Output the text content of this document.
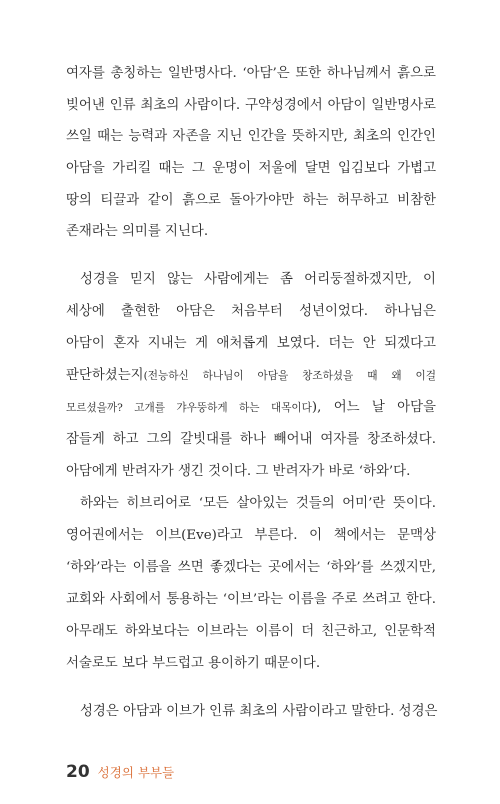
여자를 총칭하는 일반명사다. ‘아담’은 또한 하나님께서 흙으로
빚어낸 인류 최초의 사람이다. 구약성경에서 아담이 일반명사로
쓰일 때는 능력과 자존을 지닌 인간을 뜻하지만, 최초의 인간인
아담을 가리킬 때는 그 운명이 저울에 달면 입김보다 가볍고
땅의 티끌과 같이 흙으로 돌아가야만 하는 허무하고 비참한
존재라는 의미를 지닌다.
성경을 믿지 않는 사람에게는 좀 어리둥절하겠지만, 이
세상에 출현한 아담은 처음부터 성년이었다. 하나님은
아담이 혼자 지내는 게 애처롭게 보였다. 더는 안 되겠다고
판단하셨는지(전능하신 하나님이 아담을 창조하셨을 때 왜 이걸
모르셨을까? 고개를 갸우뚱하게 하는 대목이다), 어느 날 아담을
잠들게 하고 그의 갈빗대를 하나 빼어내 여자를 창조하셨다.
아담에게 반려자가 생긴 것이다. 그 반려자가 바로 ‘하와’다.
하와는 히브리어로 ‘모든 살아있는 것들의 어미’란 뜻이다.
영어권에서는 이브(Eve)라고 부른다. 이 책에서는 문맥상
‘하와’라는 이름을 쓰면 좋겠다는 곳에서는 ‘하와’를 쓰겠지만,
교회와 사회에서 통용하는 ‘이브’라는 이름을 주로 쓰려고 한다.
아무래도 하와보다는 이브라는 이름이 더 친근하고, 인문학적
서술로도 보다 부드럽고 용이하기 때문이다.
성경은 아담과 이브가 인류 최초의 사람이라고 말한다. 성경은
20 성경의 부부들
